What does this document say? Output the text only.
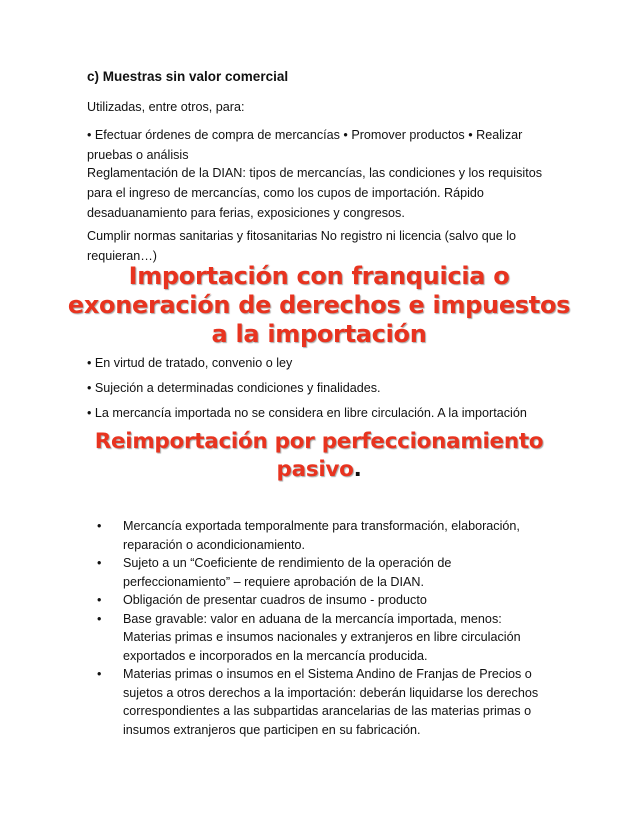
c) Muestras sin valor comercial
Utilizadas, entre otros, para:
• Efectuar órdenes de compra de mercancías • Promover productos • Realizar
pruebas o análisis
Reglamentación de la DIAN: tipos de mercancías, las condiciones y los requisitos
para el ingreso de mercancías, como los cupos de importación. Rápido
desaduanamiento para ferias, exposiciones y congresos.
Cumplir normas sanitarias y fitosanitarias No registro ni licencia (salvo que lo
requieran…)
Importación con franquicia o
exoneración de derechos e impuestos
a la importación
• En virtud de tratado, convenio o ley
• Sujeción a determinadas condiciones y finalidades.
• La mercancía importada no se considera en libre circulación. A la importación
Reimportación por perfeccionamiento
pasivo.
• Mercancía exportada temporalmente para transformación, elaboración,
reparación o acondicionamiento.
• Sujeto a un “Coeficiente de rendimiento de la operación de
perfeccionamiento” – requiere aprobación de la DIAN.
• Obligación de presentar cuadros de insumo - producto
• Base gravable: valor en aduana de la mercancía importada, menos:
Materias primas e insumos nacionales y extranjeros en libre circulación
exportados e incorporados en la mercancía producida.
• Materias primas o insumos en el Sistema Andino de Franjas de Precios o
sujetos a otros derechos a la importación: deberán liquidarse los derechos
correspondientes a las subpartidas arancelarias de las materias primas o
insumos extranjeros que participen en su fabricación.
